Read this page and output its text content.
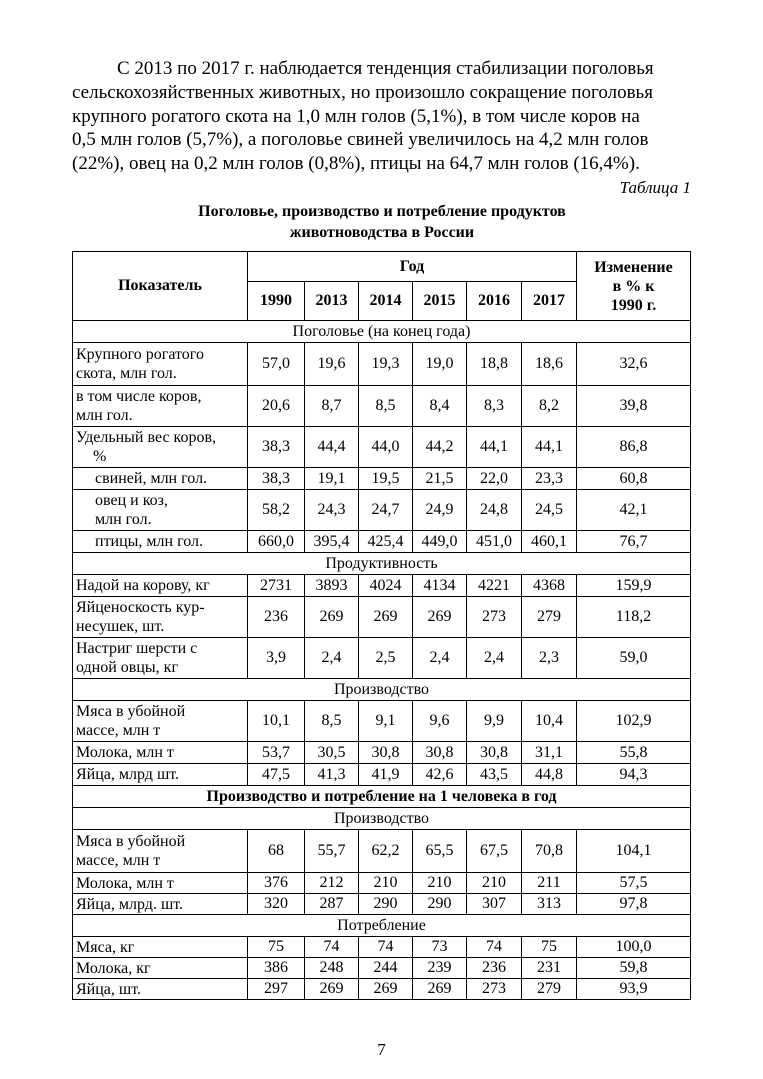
С 2013 по 2017 г. наблюдается тенденция стабилизации поголовья
сельскохозяйственных животных, но произошло сокращение поголовья
крупного рогатого скота на 1,0 млн голов (5,1%), в том числе коров на
0,5 млн голов (5,7%), а поголовье свиней увеличилось на 4,2 млн голов
(22%), овец на 0,2 млн голов (0,8%), птицы на 64,7 млн голов (16,4%).
Таблица 1
Поголовье, производство и потребление продуктов
животноводства в России
Показатель	Год						Изменение
в % к
1990 г.

	1990	2013	2014	2015	2016	2017	
Поголовье (на конец года)							

Крупного рогатого
скота, млн гол.	57,0	19,6	19,3	19,0	18,8	18,6	32,6

в том числе коров,
млн гол.	20,6	8,7	8,5	8,4	8,3	8,2	39,8

Удельный вес коров,
%	38,3	44,4	44,0	44,2	44,1	44,1	86,8

свиней, млн гол.	38,3	19,1	19,5	21,5	22,0	23,3	60,8

овец и коз,
млн гол.	58,2	24,3	24,7	24,9	24,8	24,5	42,1

птицы, млн гол.	660,0	395,4	425,4	449,0	451,0	460,1	76,7
Продуктивность							

Надой на корову, кг	2731	3893	4024	4134	4221	4368	159,9

Яйценоскость кур-
несушек, шт.	236	269	269	269	273	279	118,2

Настриг шерсти с
одной овцы, кг	3,9	2,4	2,5	2,4	2,4	2,3	59,0
Производство							

Мяса в убойной
массе, млн т	10,1	8,5	9,1	9,6	9,9	10,4	102,9

Молока, млн т	53,7	30,5	30,8	30,8	30,8	31,1	55,8

Яйца, млрд шт.	47,5	41,3	41,9	42,6	43,5	44,8	94,3
Производство и потребление на 1 человека в год							
Производство							

Мяса в убойной
массе, млн т	68	55,7	62,2	65,5	67,5	70,8	104,1

Молока, млн т	376	212	210	210	210	211	57,5

Яйца, млрд. шт.	320	287	290	290	307	313	97,8
Потребление							

Мяса, кг	75	74	74	73	74	75	100,0

Молока, кг	386	248	244	239	236	231	59,8

Яйца, шт.	297	269	269	269	273	279	93,9
7
